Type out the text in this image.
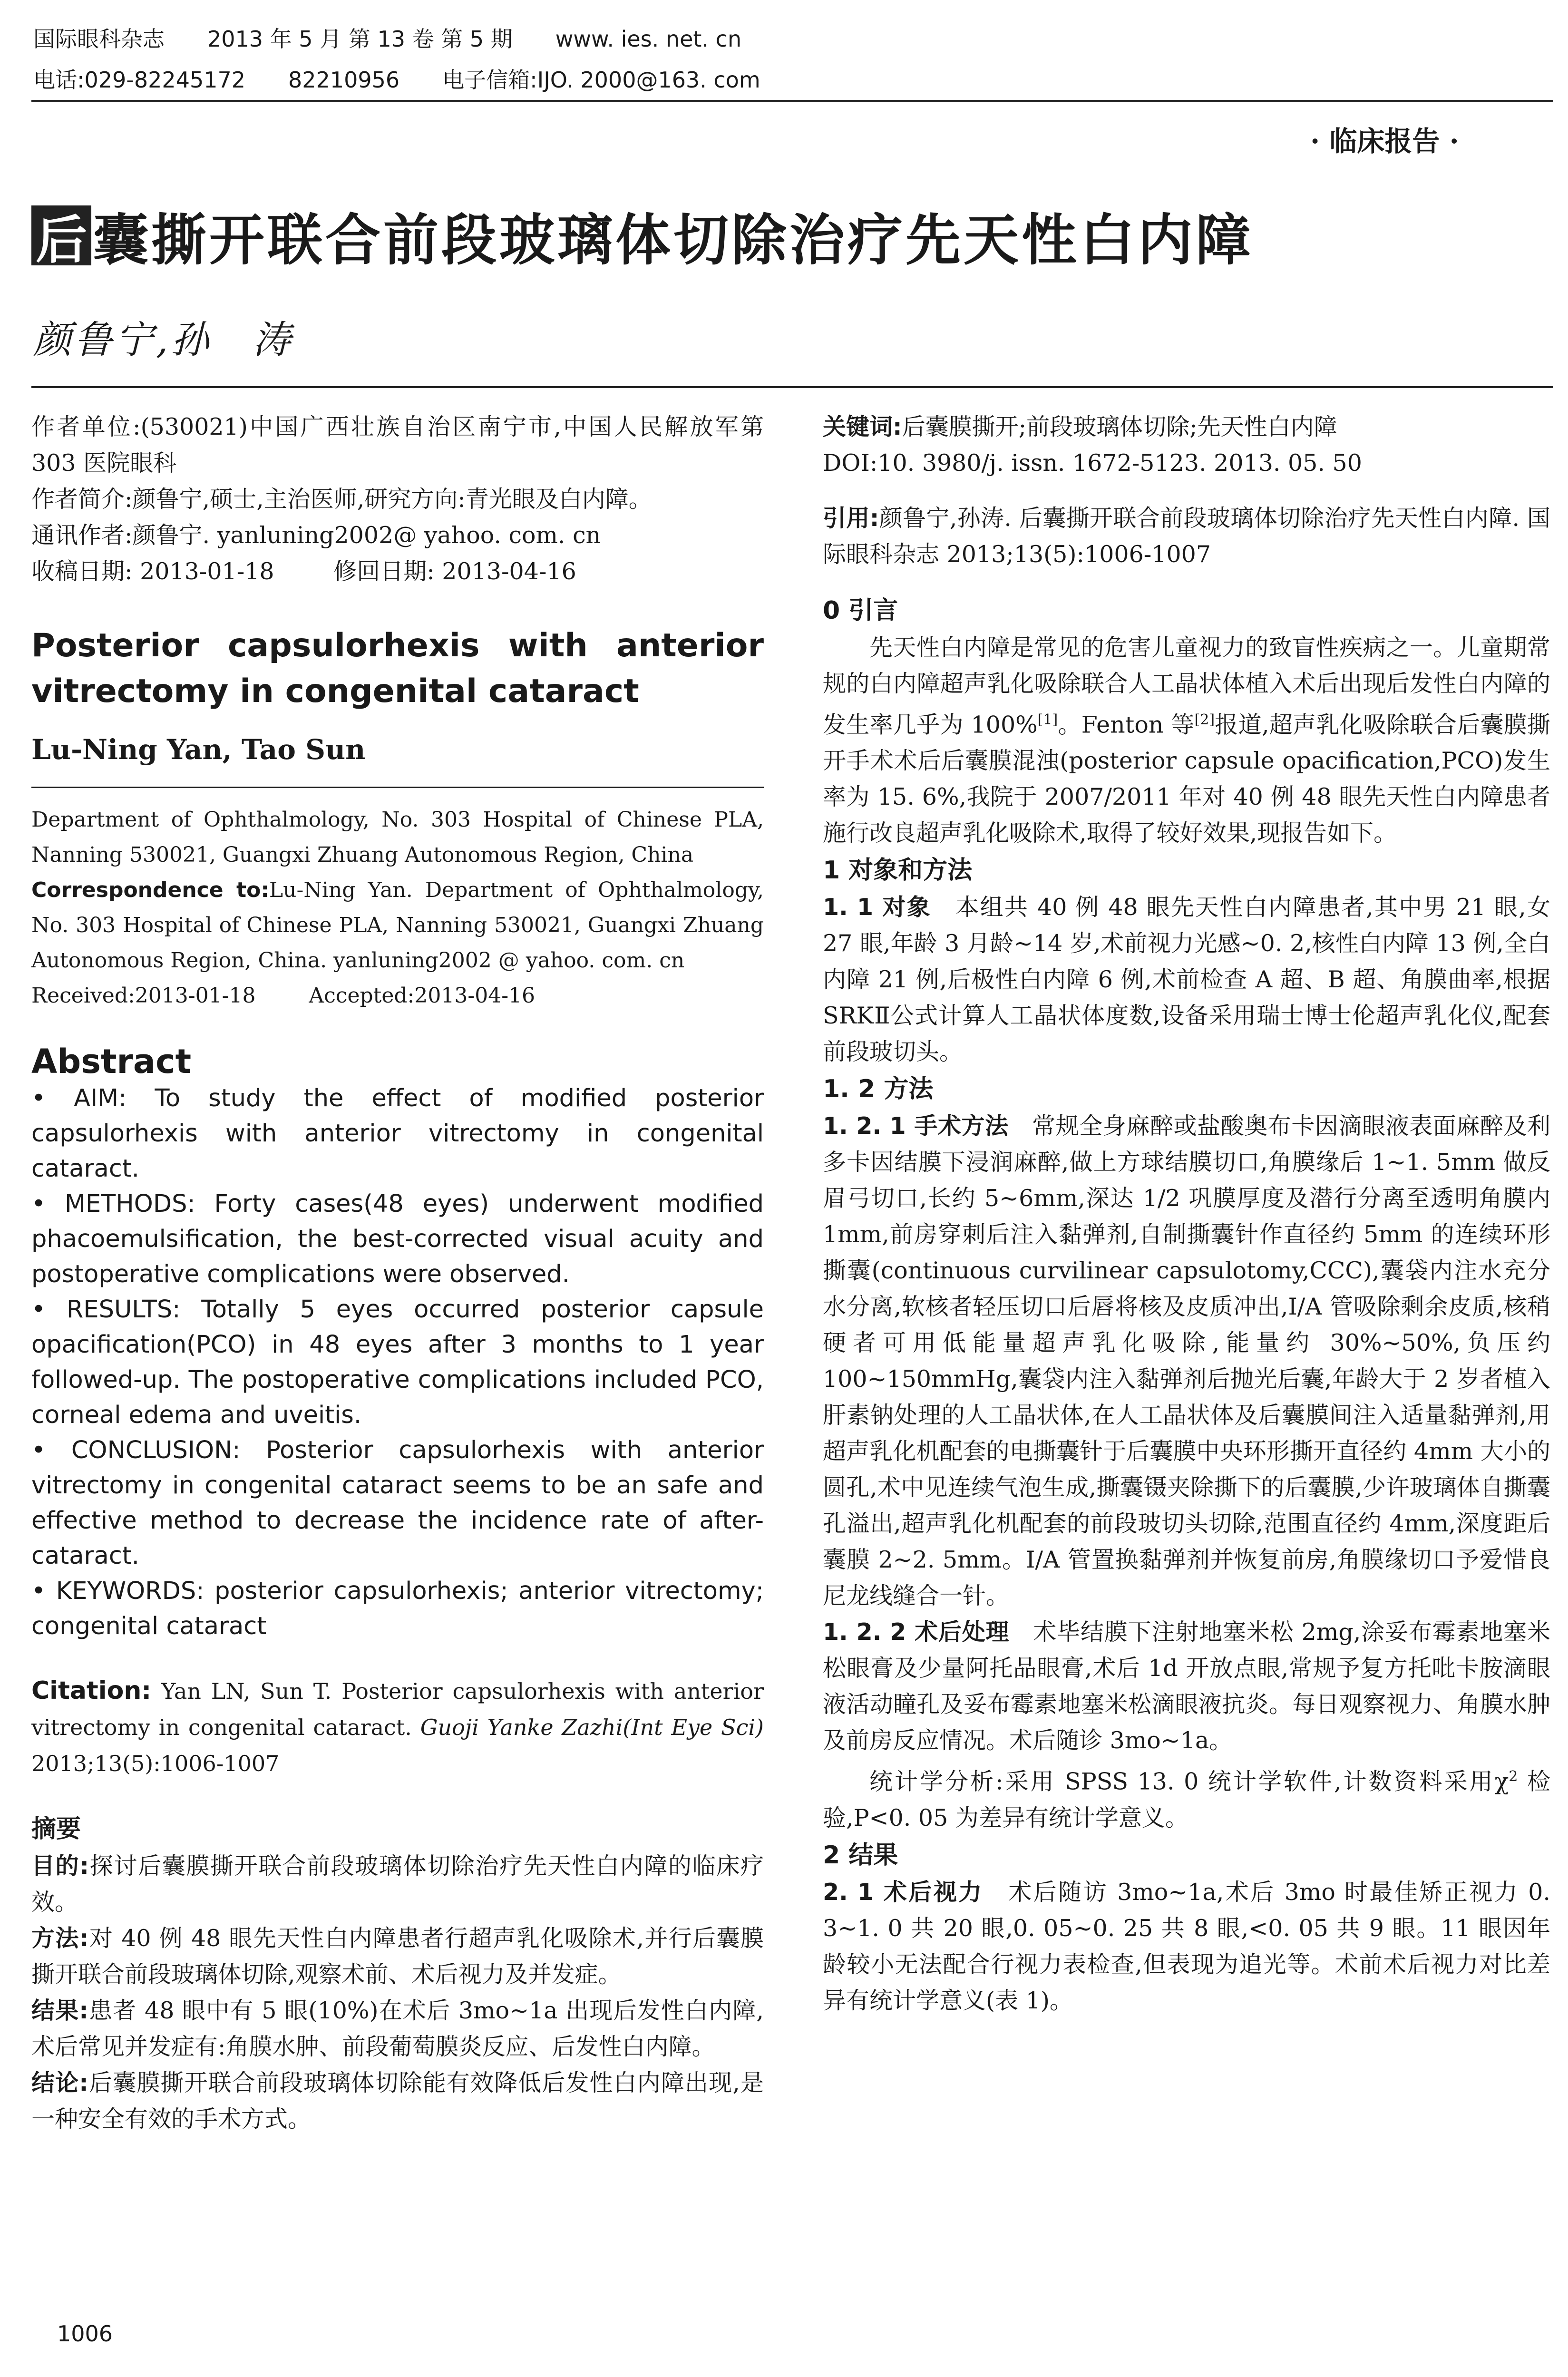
国际眼科杂志 2013 年 5 月 第 13 卷 第 5 期 www. ies. net. cn
电话:029-82245172 82210956 电子信箱:IJO. 2000@163. com
· 临床报告 ·
后 囊撕开联合前段玻璃体切除治疗先天性白内障
颜鲁宁,孙　涛

作者单位:(530021)中国广西壮族自治区南宁市,中国人民解放军第 303 医院眼科

作者简介:颜鲁宁,硕士,主治医师,研究方向:青光眼及白内障。

通讯作者:颜鲁宁. yanluning2002@ yahoo. com. cn

收稿日期: 2013-01-18        修回日期: 2013-04-16

Posterior capsulorhexis with anterior vitrectomy in congenital cataract

Lu-Ning Yan, Tao Sun

Department of Ophthalmology, No. 303 Hospital of Chinese PLA, Nanning 530021, Guangxi Zhuang Autonomous Region, China

Correspondence to:Lu-Ning Yan. Department of Ophthalmology, No. 303 Hospital of Chinese PLA, Nanning 530021, Guangxi Zhuang Autonomous Region, China. yanluning2002 @ yahoo. com. cn

Received:2013-01-18        Accepted:2013-04-16

Abstract

• AIM: To study the effect of modified posterior capsulorhexis with anterior vitrectomy in congenital cataract.

• METHODS: Forty cases(48 eyes) underwent modified phacoemulsification, the best-corrected visual acuity and postoperative complications were observed.

• RESULTS: Totally 5 eyes occurred posterior capsule opacification(PCO) in 48 eyes after 3 months to 1 year followed-up. The postoperative complications included PCO, corneal edema and uveitis.

• CONCLUSION: Posterior capsulorhexis with anterior vitrectomy in congenital cataract seems to be an safe and effective method to decrease the incidence rate of after-cataract.

• KEYWORDS: posterior capsulorhexis; anterior vitrectomy; congenital cataract

Citation: Yan LN, Sun T. Posterior capsulorhexis with anterior vitrectomy in congenital cataract. Guoji Yanke Zazhi(Int Eye Sci) 2013;13(5):1006-1007

摘要

目的:探讨后囊膜撕开联合前段玻璃体切除治疗先天性白内障的临床疗效。

方法:对 40 例 48 眼先天性白内障患者行超声乳化吸除术,并行后囊膜撕开联合前段玻璃体切除,观察术前、术后视力及并发症。

结果:患者 48 眼中有 5 眼(10%)在术后 3mo~1a 出现后发性白内障,术后常见并发症有:角膜水肿、前段葡萄膜炎反应、后发性白内障。

结论:后囊膜撕开联合前段玻璃体切除能有效降低后发性白内障出现,是一种安全有效的手术方式。

关键词:后囊膜撕开;前段玻璃体切除;先天性白内障

DOI:10. 3980/j. issn. 1672-5123. 2013. 05. 50

引用:颜鲁宁,孙涛. 后囊撕开联合前段玻璃体切除治疗先天性白内障. 国际眼科杂志 2013;13(5):1006-1007

0 引言

先天性白内障是常见的危害儿童视力的致盲性疾病之一。儿童期常规的白内障超声乳化吸除联合人工晶状体植入术后出现后发性白内障的发生率几乎为 100%[1]。Fenton 等[2]报道,超声乳化吸除联合后囊膜撕开手术术后后囊膜混浊(posterior capsule opacification,PCO)发生率为 15. 6%,我院于 2007/2011 年对 40 例 48 眼先天性白内障患者施行改良超声乳化吸除术,取得了较好效果,现报告如下。

1 对象和方法

1. 1 对象　本组共 40 例 48 眼先天性白内障患者,其中男 21 眼,女 27 眼,年龄 3 月龄~14 岁,术前视力光感~0. 2,核性白内障 13 例,全白内障 21 例,后极性白内障 6 例,术前检查 A 超、B 超、角膜曲率,根据 SRKⅡ公式计算人工晶状体度数,设备采用瑞士博士伦超声乳化仪,配套前段玻切头。

1. 2 方法

1. 2. 1 手术方法　常规全身麻醉或盐酸奥布卡因滴眼液表面麻醉及利多卡因结膜下浸润麻醉,做上方球结膜切口,角膜缘后 1~1. 5mm 做反眉弓切口,长约 5~6mm,深达 1/2 巩膜厚度及潜行分离至透明角膜内 1mm,前房穿刺后注入黏弹剂,自制撕囊针作直径约 5mm 的连续环形撕囊(continuous curvilinear capsulotomy,CCC),囊袋内注水充分水分离,软核者轻压切口后唇将核及皮质冲出,I/A 管吸除剩余皮质,核稍硬者可用低能量超声乳化吸除,能量约 30%~50%,负压约 100~150mmHg,囊袋内注入黏弹剂后抛光后囊,年龄大于 2 岁者植入肝素钠处理的人工晶状体,在人工晶状体及后囊膜间注入适量黏弹剂,用超声乳化机配套的电撕囊针于后囊膜中央环形撕开直径约 4mm 大小的圆孔,术中见连续气泡生成,撕囊镊夹除撕下的后囊膜,少许玻璃体自撕囊孔溢出,超声乳化机配套的前段玻切头切除,范围直径约 4mm,深度距后囊膜 2~2. 5mm。I/A 管置换黏弹剂并恢复前房,角膜缘切口予爱惜良尼龙线缝合一针。

1. 2. 2 术后处理　术毕结膜下注射地塞米松 2mg,涂妥布霉素地塞米松眼膏及少量阿托品眼膏,术后 1d 开放点眼,常规予复方托吡卡胺滴眼液活动瞳孔及妥布霉素地塞米松滴眼液抗炎。每日观察视力、角膜水肿及前房反应情况。术后随诊 3mo~1a。

统计学分析:采用 SPSS 13. 0 统计学软件,计数资料采用$\chi^2$ 检验,P<0. 05 为差异有统计学意义。

2 结果

2. 1 术后视力　术后随访 3mo~1a,术后 3mo 时最佳矫正视力 0. 3~1. 0 共 20 眼,0. 05~0. 25 共 8 眼,<0. 05 共 9 眼。11 眼因年龄较小无法配合行视力表检查,但表现为追光等。术前术后视力对比差异有统计学意义(表 1)。

1006
